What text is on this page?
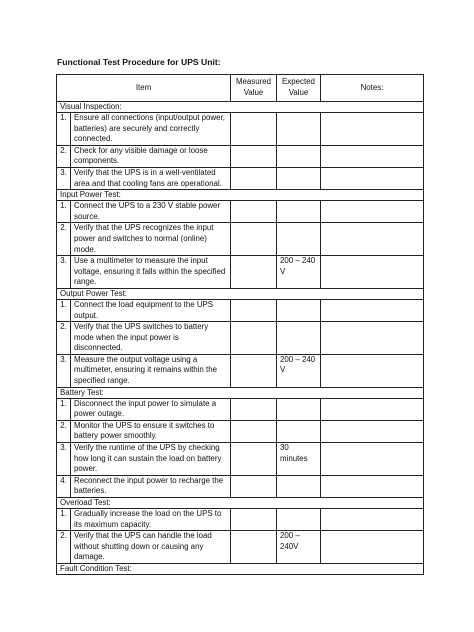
Functional Test Procedure for UPS Unit:
Item		Measured Value	Expected Value	Notes:
Visual Inspection:				
1.	Ensure all connections (input/output power, batteries) are securely and correctly connected.			
2.	Check for any visible damage or loose components.			
3.	Verify that the UPS is in a well-ventilated area and that cooling fans are operational.			
Input Power Test:				
1.	Connect the UPS to a 230 V stable power source.			
2.	Verify that the UPS recognizes the input power and switches to normal (online) mode.			
3.	Use a multimeter to measure the input voltage, ensuring it falls within the specified range.		200 – 240 V	
Output Power Test:				
1.	Connect the load equipment to the UPS output.			
2.	Verify that the UPS switches to battery mode when the input power is disconnected.			
3.	Measure the output voltage using a multimeter, ensuring it remains within the specified range.		200 – 240 V	
Battery Test:				
1.	Disconnect the input power to simulate a power outage.			
2.	Monitor the UPS to ensure it switches to battery power smoothly.			
3.	Verify the runtime of the UPS by checking how long it can sustain the load on battery power.		30 minutes	
4.	Reconnect the input power to recharge the batteries.			
Overload Test:				
1.	Gradually increase the load on the UPS to its maximum capacity.			
2.	Verify that the UPS can handle the load without shutting down or causing any damage.		200 – 240V	
Fault Condition Test:				
